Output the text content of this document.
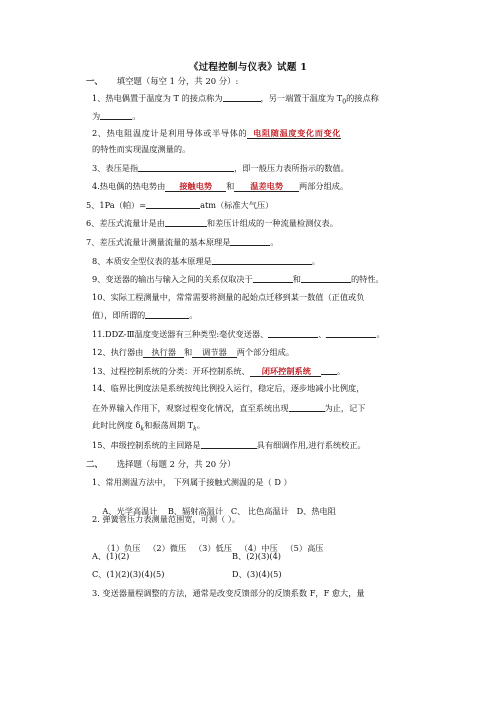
《过程控制与仪表》试题 1
一、 填空题（每空 1 分，共 20 分）:
1、热电偶置于温度为 T 的接点称为	，另一端置于温度为 $T_0$的接点称
为	。
2、热电阻温度计是利用导体或半导体的 电阻随温度变化而变化
的特性而实现温度测量的。
3、表压是指	，即一般压力表所指示的数值。
4.热电偶的热电势由 接触电势 和 温差电势 两部分组成。
5、1Pa（帕）=	atm（标准大气压）
6、差压式流量计是由	和差压计组成的一种流量检测仪表。
7、差压式流量计测量流量的基本原理是	。
8、本质安全型仪表的基本原理是	。
9、变送器的输出与输入之间的关系仅取决于	和	的特性。
10、实际工程测量中，常常需要将测量的起始点迁移到某一数值（正值或负
值），即所谓的	。
11.DDZ-Ⅲ温度变送器有三种类型:毫伏变送器、	、	。
12、执行器由 执行器 和 调节器 两个部分组成。
13、过程控制系统的分类：开环控制系统、 闭环控制系统	。
14、临界比例度法是系统按纯比例投入运行，稳定后，逐步地减小比例度，
在外界输入作用下，观察过程变化情况，直至系统出现	为止，记下
此时比例度 $\delta_k$和振荡周期 $T_k$。
15、串级控制系统的主回路是	具有细调作用,进行系统校正。
二、 选择题（每题 2 分，共 20 分）
1、常用测温方法中， 下列属于接触式测温的是（ D ）

A、光学高温计    B、辐射高温计   C、 比色高温计   D、热电阻

2. 弹簧管压力表测量范围宽，可测（ ）。

（1）负压   （2）微压   （3）低压   （4）中压   （5）高压

A、(1)(2)	B、(2)(3)(4)
C、(1)(2)(3)(4)(5)	D、(3)(4)(5)
3. 变送器量程调整的方法，通常是改变反馈部分的反馈系数 F，F 愈大，量
